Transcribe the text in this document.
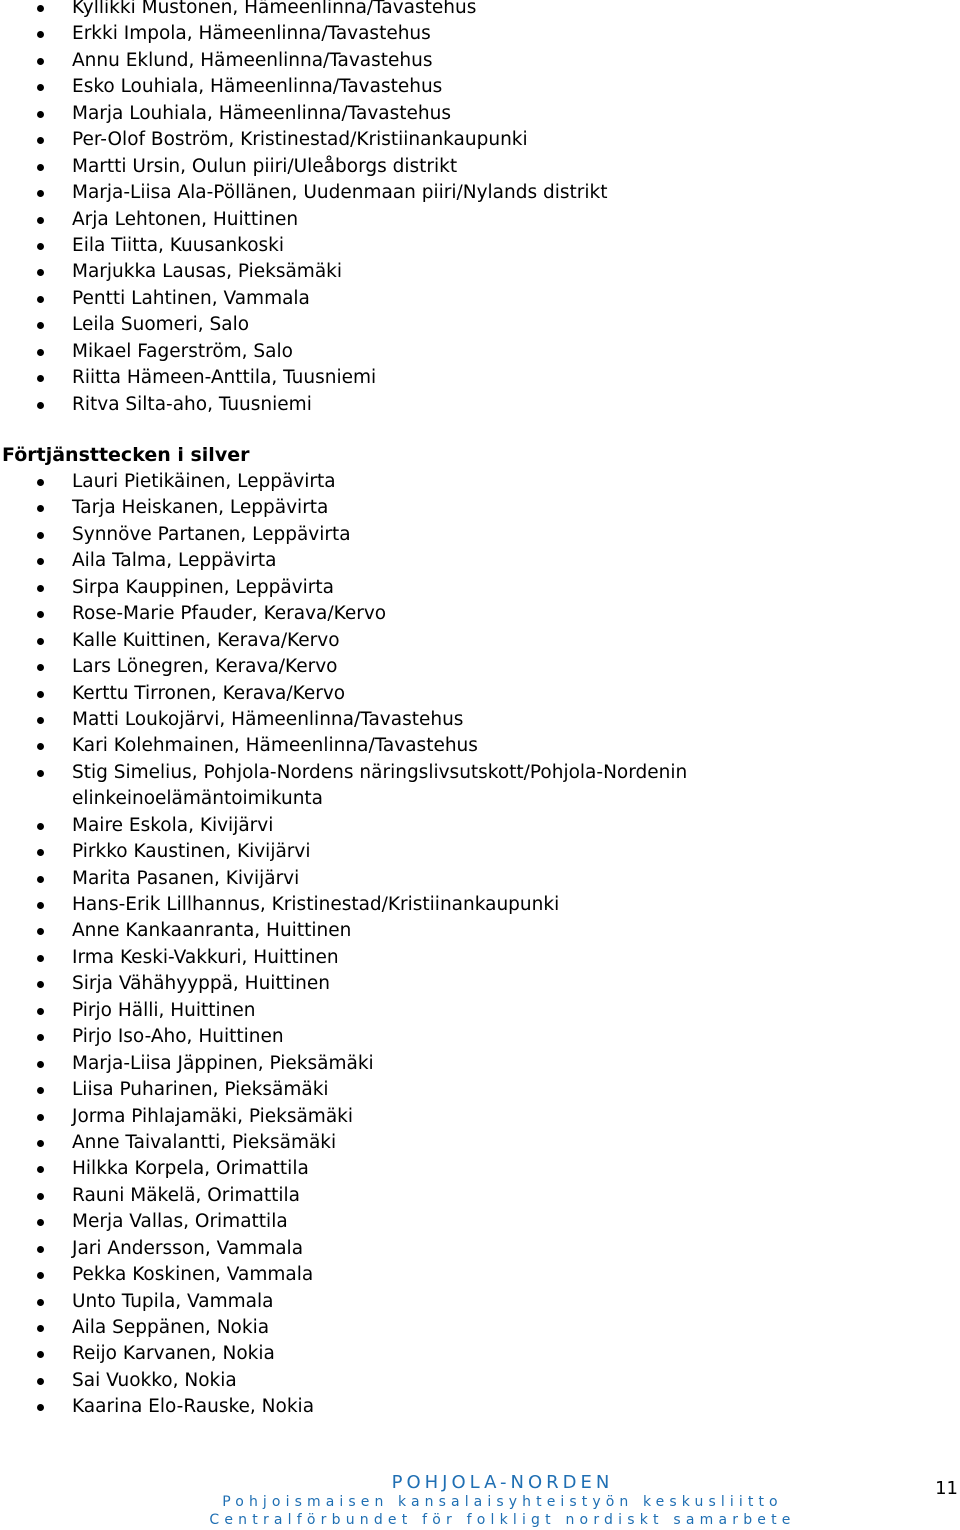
Kyllikki Mustonen, Hämeenlinna/Tavastehus
Erkki Impola, Hämeenlinna/Tavastehus
Annu Eklund, Hämeenlinna/Tavastehus
Esko Louhiala, Hämeenlinna/Tavastehus
Marja Louhiala, Hämeenlinna/Tavastehus
Per-Olof Boström, Kristinestad/Kristiinankaupunki
Martti Ursin, Oulun piiri/Uleåborgs distrikt
Marja-Liisa Ala-Pöllänen, Uudenmaan piiri/Nylands distrikt
Arja Lehtonen, Huittinen
Eila Tiitta, Kuusankoski
Marjukka Lausas, Pieksämäki
Pentti Lahtinen, Vammala
Leila Suomeri, Salo
Mikael Fagerström, Salo
Riitta Hämeen-Anttila, Tuusniemi
Ritva Silta-aho, Tuusniemi
Förtjänsttecken i silver
Lauri Pietikäinen, Leppävirta
Tarja Heiskanen, Leppävirta
Synnöve Partanen, Leppävirta
Aila Talma, Leppävirta
Sirpa Kauppinen, Leppävirta
Rose-Marie Pfauder, Kerava/Kervo
Kalle Kuittinen, Kerava/Kervo
Lars Lönegren, Kerava/Kervo
Kerttu Tirronen, Kerava/Kervo
Matti Loukojärvi, Hämeenlinna/Tavastehus
Kari Kolehmainen, Hämeenlinna/Tavastehus
Stig Simelius, Pohjola-Nordens näringslivsutskott/Pohjola-Nordenin elinkeinoelämäntoimikunta
Maire Eskola, Kivijärvi
Pirkko Kaustinen, Kivijärvi
Marita Pasanen, Kivijärvi
Hans-Erik Lillhannus, Kristinestad/Kristiinankaupunki
Anne Kankaanranta, Huittinen
Irma Keski-Vakkuri, Huittinen
Sirja Vähähyyppä, Huittinen
Pirjo Hälli, Huittinen
Pirjo Iso-Aho, Huittinen
Marja-Liisa Jäppinen, Pieksämäki
Liisa Puharinen, Pieksämäki
Jorma Pihlajamäki, Pieksämäki
Anne Taivalantti, Pieksämäki
Hilkka Korpela, Orimattila
Rauni Mäkelä, Orimattila
Merja Vallas, Orimattila
Jari Andersson, Vammala
Pekka Koskinen, Vammala
Unto Tupila, Vammala
Aila Seppänen, Nokia
Reijo Karvanen, Nokia
Sai Vuokko, Nokia
Kaarina Elo-Rauske, Nokia
POHJOLA-NORDEN
Pohjoismaisen kansalaisyhteistyön keskusliitto
Centralförbundet för folkligt nordiskt samarbete
11
